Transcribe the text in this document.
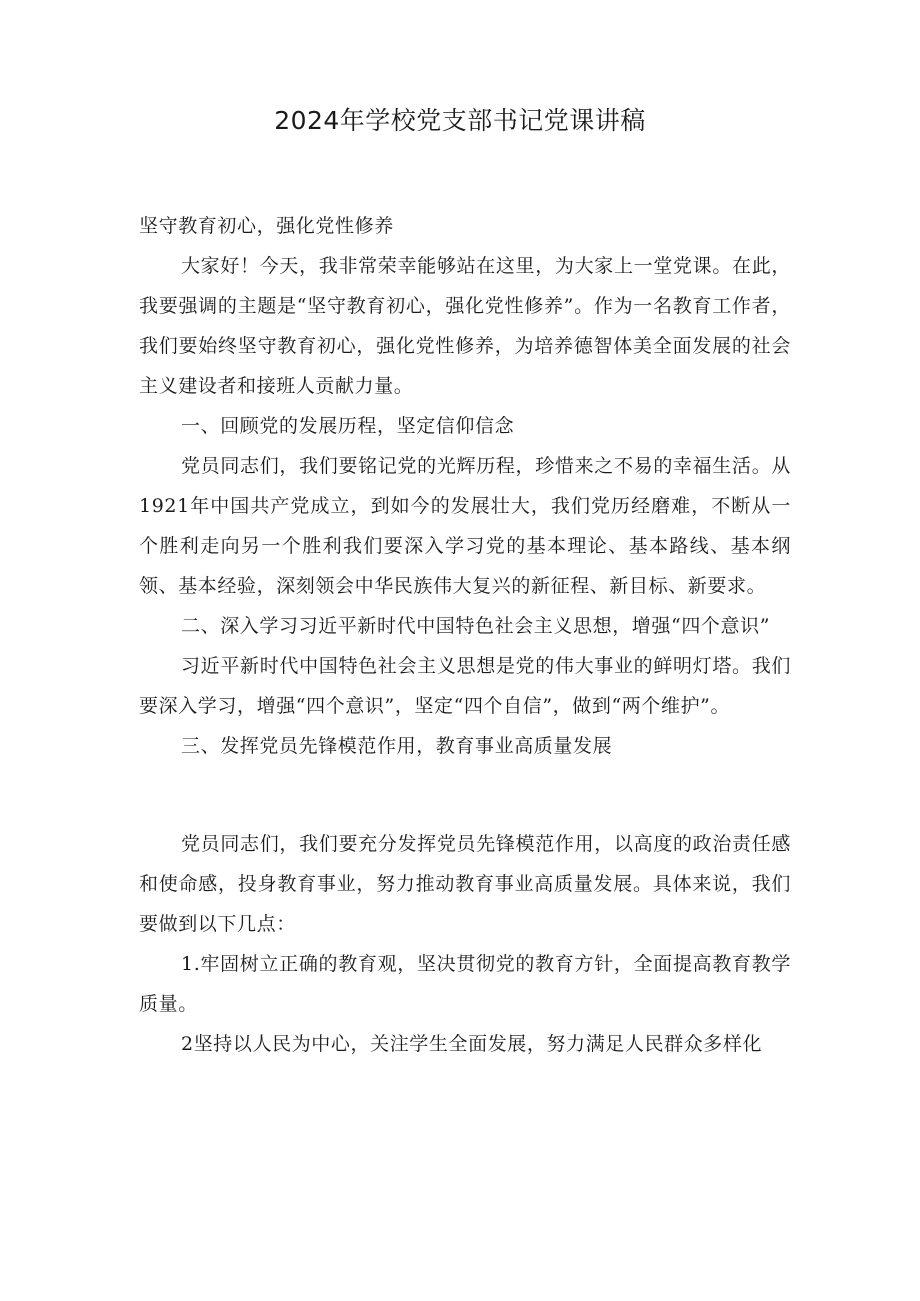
2024年学校党支部书记党课讲稿

坚守教育初心，强化党性修养

大家好！今天，我非常荣幸能够站在这里，为大家上一堂党课。在此，我要强调的主题是“坚守教育初心，强化党性修养”。作为一名教育工作者，我们要始终坚守教育初心，强化党性修养，为培养德智体美全面发展的社会主义建设者和接班人贡献力量。

一、回顾党的发展历程，坚定信仰信念

党员同志们，我们要铭记党的光辉历程，珍惜来之不易的幸福生活。从1921年中国共产党成立，到如今的发展壮大，我们党历经磨难，不断从一个胜利走向另一个胜利我们要深入学习党的基本理论、基本路线、基本纲领、基本经验，深刻领会中华民族伟大复兴的新征程、新目标、新要求。

二、深入学习习近平新时代中国特色社会主义思想，增强“四个意识”

习近平新时代中国特色社会主义思想是党的伟大事业的鲜明灯塔。我们要深入学习，增强“四个意识”，坚定“四个自信”，做到“两个维护”。

三、发挥党员先锋模范作用，教育事业高质量发展

党员同志们，我们要充分发挥党员先锋模范作用，以高度的政治责任感和使命感，投身教育事业，努力推动教育事业高质量发展。具体来说，我们要做到以下几点：

1.牢固树立正确的教育观，坚决贯彻党的教育方针，全面提高教育教学质量。

2坚持以人民为中心，关注学生全面发展，努力满足人民群众多样化
